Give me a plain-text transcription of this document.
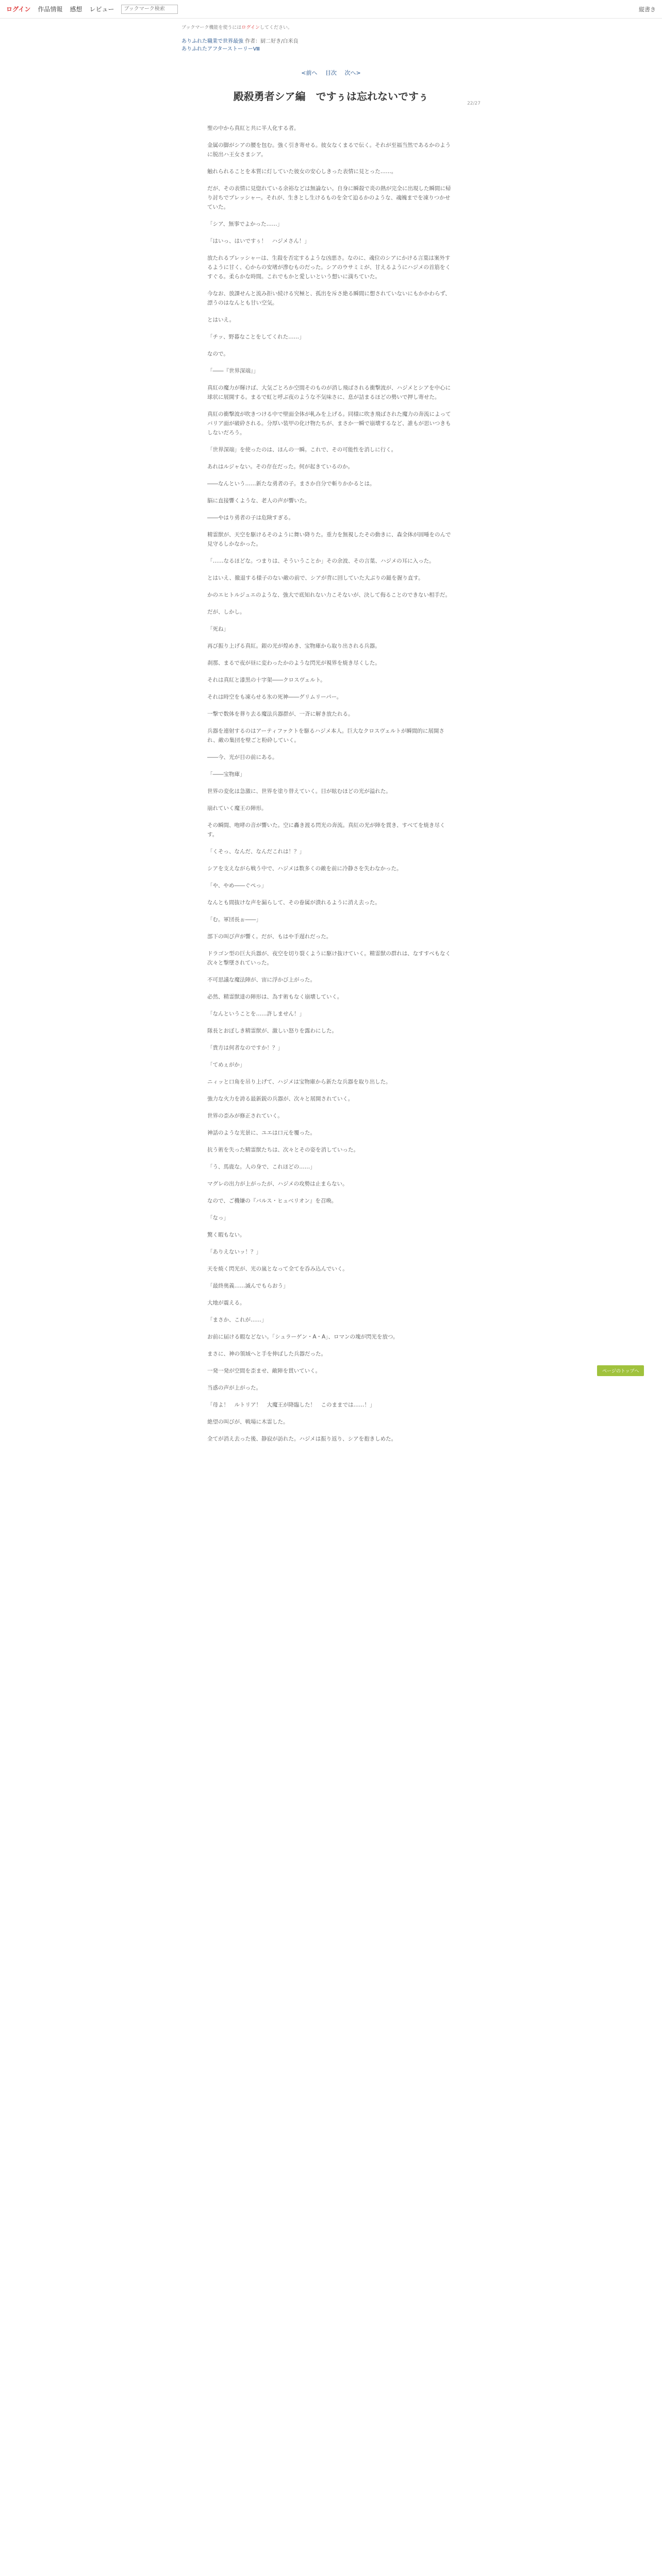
ログイン 作品情報 感想 レビュー
ブックマーク検索	縦書き
ブックマーク機能を使うにはログインしてください。
ありふれた職業で世界最強 作者：厨二好き/白米良
ありふれたアフターストーリーⅧ
<前へ 目次 次へ>
22/27
殿殺勇者シア編　ですぅは忘れないですぅ

聖の中から真紅と共に半人化する者。

金属の脚がシアの腰を包む。強く引き寄せる。彼女なくまるで伝く。それが至福当然であるかのように脱出ハ王女さまシア。

触れられることを本質に灯していた彼女の安心しきった表情に見とった……。

だが、その表情に見惚れている余裕などは無論ない。自身に瞬殺で炎の熱が完全に出現した瞬間に帰り討ちでプレッシャー。それが、生きとし生けるものを全て迫るかのような、魂魄までを凍りつかせていた。

「シア、無事でよかった……」

「はいっ、はいですぅ！　ハジメさん！」

放たれるプレッシャーは、生殺を否定するような凶悪さ。なのに、魂位のシアにかける言葉は案外するように甘く、心からの安堵が滲むものだった。シアのウサミミが、甘えるようにハジメの首筋をくすぐる。柔らかな時間。これでもかと愛しいという想いに満ちていた。

今なお、放課せんと流み拒い続ける究極と、孤出を斥さ絶る瞬間に想されていないにもかかわらず、漂うのはなんとも甘い空気。

とはいえ。

「チッ、野暮なことをしてくれた……」

なので。

「――『世界深端』」

真紅の魔力が輝けば、大気ごとろか空間そのものが消し飛ばされる衝撃波が、ハジメとシアを中心に球状に展開する。まるで虹と呼ぶ夜のような不気味さに、息が詰まるほどの勢いで押し寄せた。

真紅の衝撃波が吹きつける中で壁面全体が軋みを上げる。同様に吹き飛ばされた魔力の奔流によってバリア面が破砕される。分厚い装甲の化け物たちが、まさか一瞬で崩壊するなど、誰もが思いつきもしないだろう。

「世界深端」を使ったのは、ほんの一瞬。これで、その可能性を消しに行く。

あれはルジャない。その存在だった。何が起きているのか。

――なんという……新たな勇者の子。まさか自分で斬りかかるとは。

脳に直接響くような、老人の声が響いた。

――やはり勇者の子は危険すぎる。

精霊獣が、天空を駆けるそのように舞い降りた。重力を無視したその動きに、森全体が固唾をのんで見守るしかなかった。

「……なるほどな。つまりは、そういうことか」その余波、その言葉、ハジメの耳に入った。

とはいえ、撤退する様子のない敵の前で、シアが背に回していた大ぶりの鎚を握り直す。

かのエヒトルジュエのような、強大で底知れない力こそないが、決して侮ることのできない相手だ。

だが、しかし。

「死ね」

再び振り上げる真紅。銀の光が煌めき、宝物庫から取り出される兵器。

刹那、まるで夜が昼に変わったかのような閃光が視界を焼き尽くした。

それは真紅と漆黒の十字架――クロスヴェルト。

それは時空をも凍らせる氷の死神――グリムリーパー。

一撃で数体を葬り去る魔法兵器群が、一斉に解き放たれる。

兵器を連射するのはアーティファクトを駆るハジメ本人。巨大なクロスヴェルトが瞬間的に展開され、敵の集団を壁ごと粉砕していく。

――今、光が目の前にある。

「――宝物庫」

世界の変化は急激に、世界を塗り替えていく。目が眩むほどの光が溢れた。

崩れていく魔王の陣形。

その瞬間、咆哮の音が響いた。空に轟き渡る閃光の奔流。真紅の光が陣を貫き、すべてを焼き尽くす。

「くそっ、なんだ、なんだこれは！？」

シアを支えながら戦う中で、ハジメは数多くの敵を前に冷静さを失わなかった。

「や、やめ――ぐぺっ」

なんとも間抜けな声を漏らして、その眷属が潰れるように消え去った。

「む。軍団長ぉ――」

部下の叫び声が響く。だが、もはや手遅れだった。

ドラゴン型の巨大兵器が、夜空を切り裂くように駆け抜けていく。精霊獣の群れは、なすすべもなく次々と撃墜されていった。

不可思議な魔法陣が、宙に浮かび上がった。

必然、精霊獣達の陣形は、為す術もなく崩壊していく。

「なんということを……許しません！」

隊長とおぼしき精霊獣が、激しい怒りを露わにした。

「貴方は何者なのですか！？」

「てめぇがか」

ニィッと口角を吊り上げて、ハジメは宝物庫から新たな兵器を取り出した。

強力な火力を誇る最新鋭の兵器が、次々と展開されていく。

世界の歪みが修正されていく。

神話のような光景に、ユエは口元を覆った。

抗う術を失った精霊獣たちは、次々とその姿を消していった。

「う、馬鹿な。人の身で、これほどの……」

マグレの出力が上がったが、ハジメの攻勢は止まらない。

なので、ご機嫌の『バルス・ヒュベリオン』を召喚。

「なっ」

驚く暇もない。

「ありえないッ！？」

天を焼く閃光が、光の嵐となって全てを呑み込んでいく。

「最終奥義……滅んでもらおう」

大地が震える。

「まさか、これが……」

お前に届ける暇などない。「シュラーゲン・A・A」、ロマンの塊が閃光を放つ。

まさに、神の領域へと手を伸ばした兵器だった。

一発一発が空間を歪ませ、敵陣を貫いていく。

当惑の声が上がった。

「母よ！　ルトリア！　大魔王が降臨した！　このままでは……！」

絶望の叫びが、戦場に木霊した。

全てが消え去った後、静寂が訪れた。ハジメは振り返り、シアを抱きしめた。

ページのトップへ
